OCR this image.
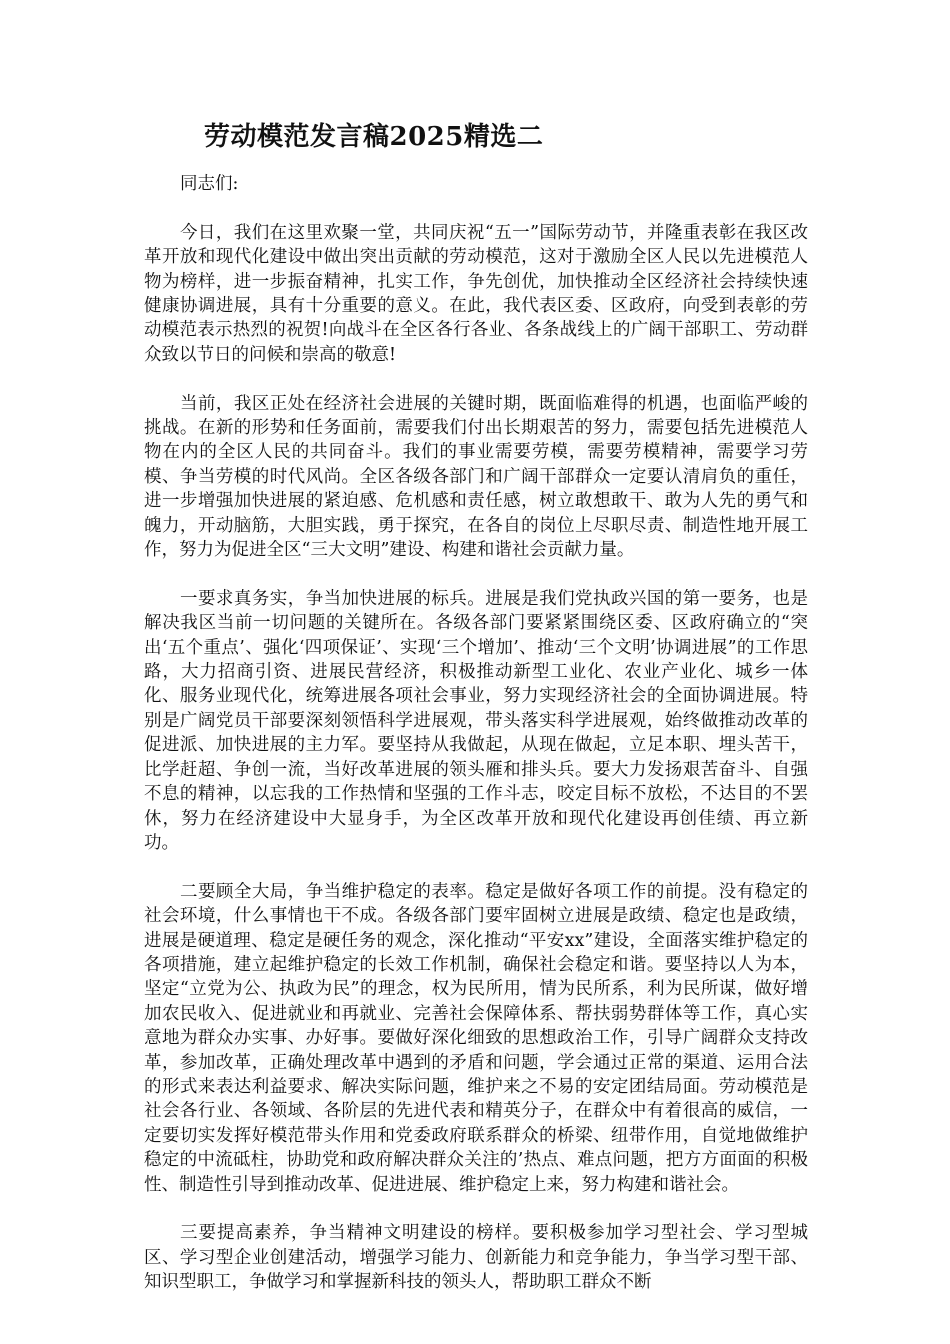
劳动模范发言稿2025精选二

同志们:

今日，我们在这里欢聚一堂，共同庆祝“五一”国际劳动节，并隆重表彰在我区改革开放和现代化建设中做出突出贡献的劳动模范，这对于激励全区人民以先进模范人物为榜样，进一步振奋精神，扎实工作，争先创优，加快推动全区经济社会持续快速健康协调进展，具有十分重要的意义。在此，我代表区委、区政府，向受到表彰的劳动模范表示热烈的祝贺!向战斗在全区各行各业、各条战线上的广阔干部职工、劳动群众致以节日的问候和崇高的敬意!

当前，我区正处在经济社会进展的关键时期，既面临难得的机遇，也面临严峻的挑战。在新的形势和任务面前，需要我们付出长期艰苦的努力，需要包括先进模范人物在内的全区人民的共同奋斗。我们的事业需要劳模，需要劳模精神，需要学习劳模、争当劳模的时代风尚。全区各级各部门和广阔干部群众一定要认清肩负的重任，进一步增强加快进展的紧迫感、危机感和责任感，树立敢想敢干、敢为人先的勇气和魄力，开动脑筋，大胆实践，勇于探究，在各自的岗位上尽职尽责、制造性地开展工作，努力为促进全区“三大文明”建设、构建和谐社会贡献力量。

一要求真务实，争当加快进展的标兵。进展是我们党执政兴国的第一要务，也是解决我区当前一切问题的关键所在。各级各部门要紧紧围绕区委、区政府确立的“突出‘五个重点’、强化‘四项保证’、实现‘三个增加’、推动‘三个文明’协调进展”的工作思路，大力招商引资、进展民营经济，积极推动新型工业化、农业产业化、城乡一体化、服务业现代化，统筹进展各项社会事业，努力实现经济社会的全面协调进展。特别是广阔党员干部要深刻领悟科学进展观，带头落实科学进展观，始终做推动改革的促进派、加快进展的主力军。要坚持从我做起，从现在做起，立足本职、埋头苦干，比学赶超、争创一流，当好改革进展的领头雁和排头兵。要大力发扬艰苦奋斗、自强不息的精神，以忘我的工作热情和坚强的工作斗志，咬定目标不放松，不达目的不罢休，努力在经济建设中大显身手，为全区改革开放和现代化建设再创佳绩、再立新功。

二要顾全大局，争当维护稳定的表率。稳定是做好各项工作的前提。没有稳定的社会环境，什么事情也干不成。各级各部门要牢固树立进展是政绩、稳定也是政绩，进展是硬道理、稳定是硬任务的观念，深化推动“平安xx”建设，全面落实维护稳定的各项措施，建立起维护稳定的长效工作机制，确保社会稳定和谐。要坚持以人为本，坚定“立党为公、执政为民”的理念，权为民所用，情为民所系，利为民所谋，做好增加农民收入、促进就业和再就业、完善社会保障体系、帮扶弱势群体等工作，真心实意地为群众办实事、办好事。要做好深化细致的思想政治工作，引导广阔群众支持改革，参加改革，正确处理改革中遇到的矛盾和问题，学会通过正常的渠道、运用合法的形式来表达利益要求、解决实际问题，维护来之不易的安定团结局面。劳动模范是社会各行业、各领域、各阶层的先进代表和精英分子，在群众中有着很高的威信，一定要切实发挥好模范带头作用和党委政府联系群众的桥梁、纽带作用，自觉地做维护稳定的中流砥柱，协助党和政府解决群众关注的’热点、难点问题，把方方面面的积极性、制造性引导到推动改革、促进进展、维护稳定上来，努力构建和谐社会。

三要提高素养，争当精神文明建设的榜样。要积极参加学习型社会、学习型城区、学习型企业创建活动，增强学习能力、创新能力和竞争能力，争当学习型干部、知识型职工，争做学习和掌握新科技的领头人，帮助职工群众不断
